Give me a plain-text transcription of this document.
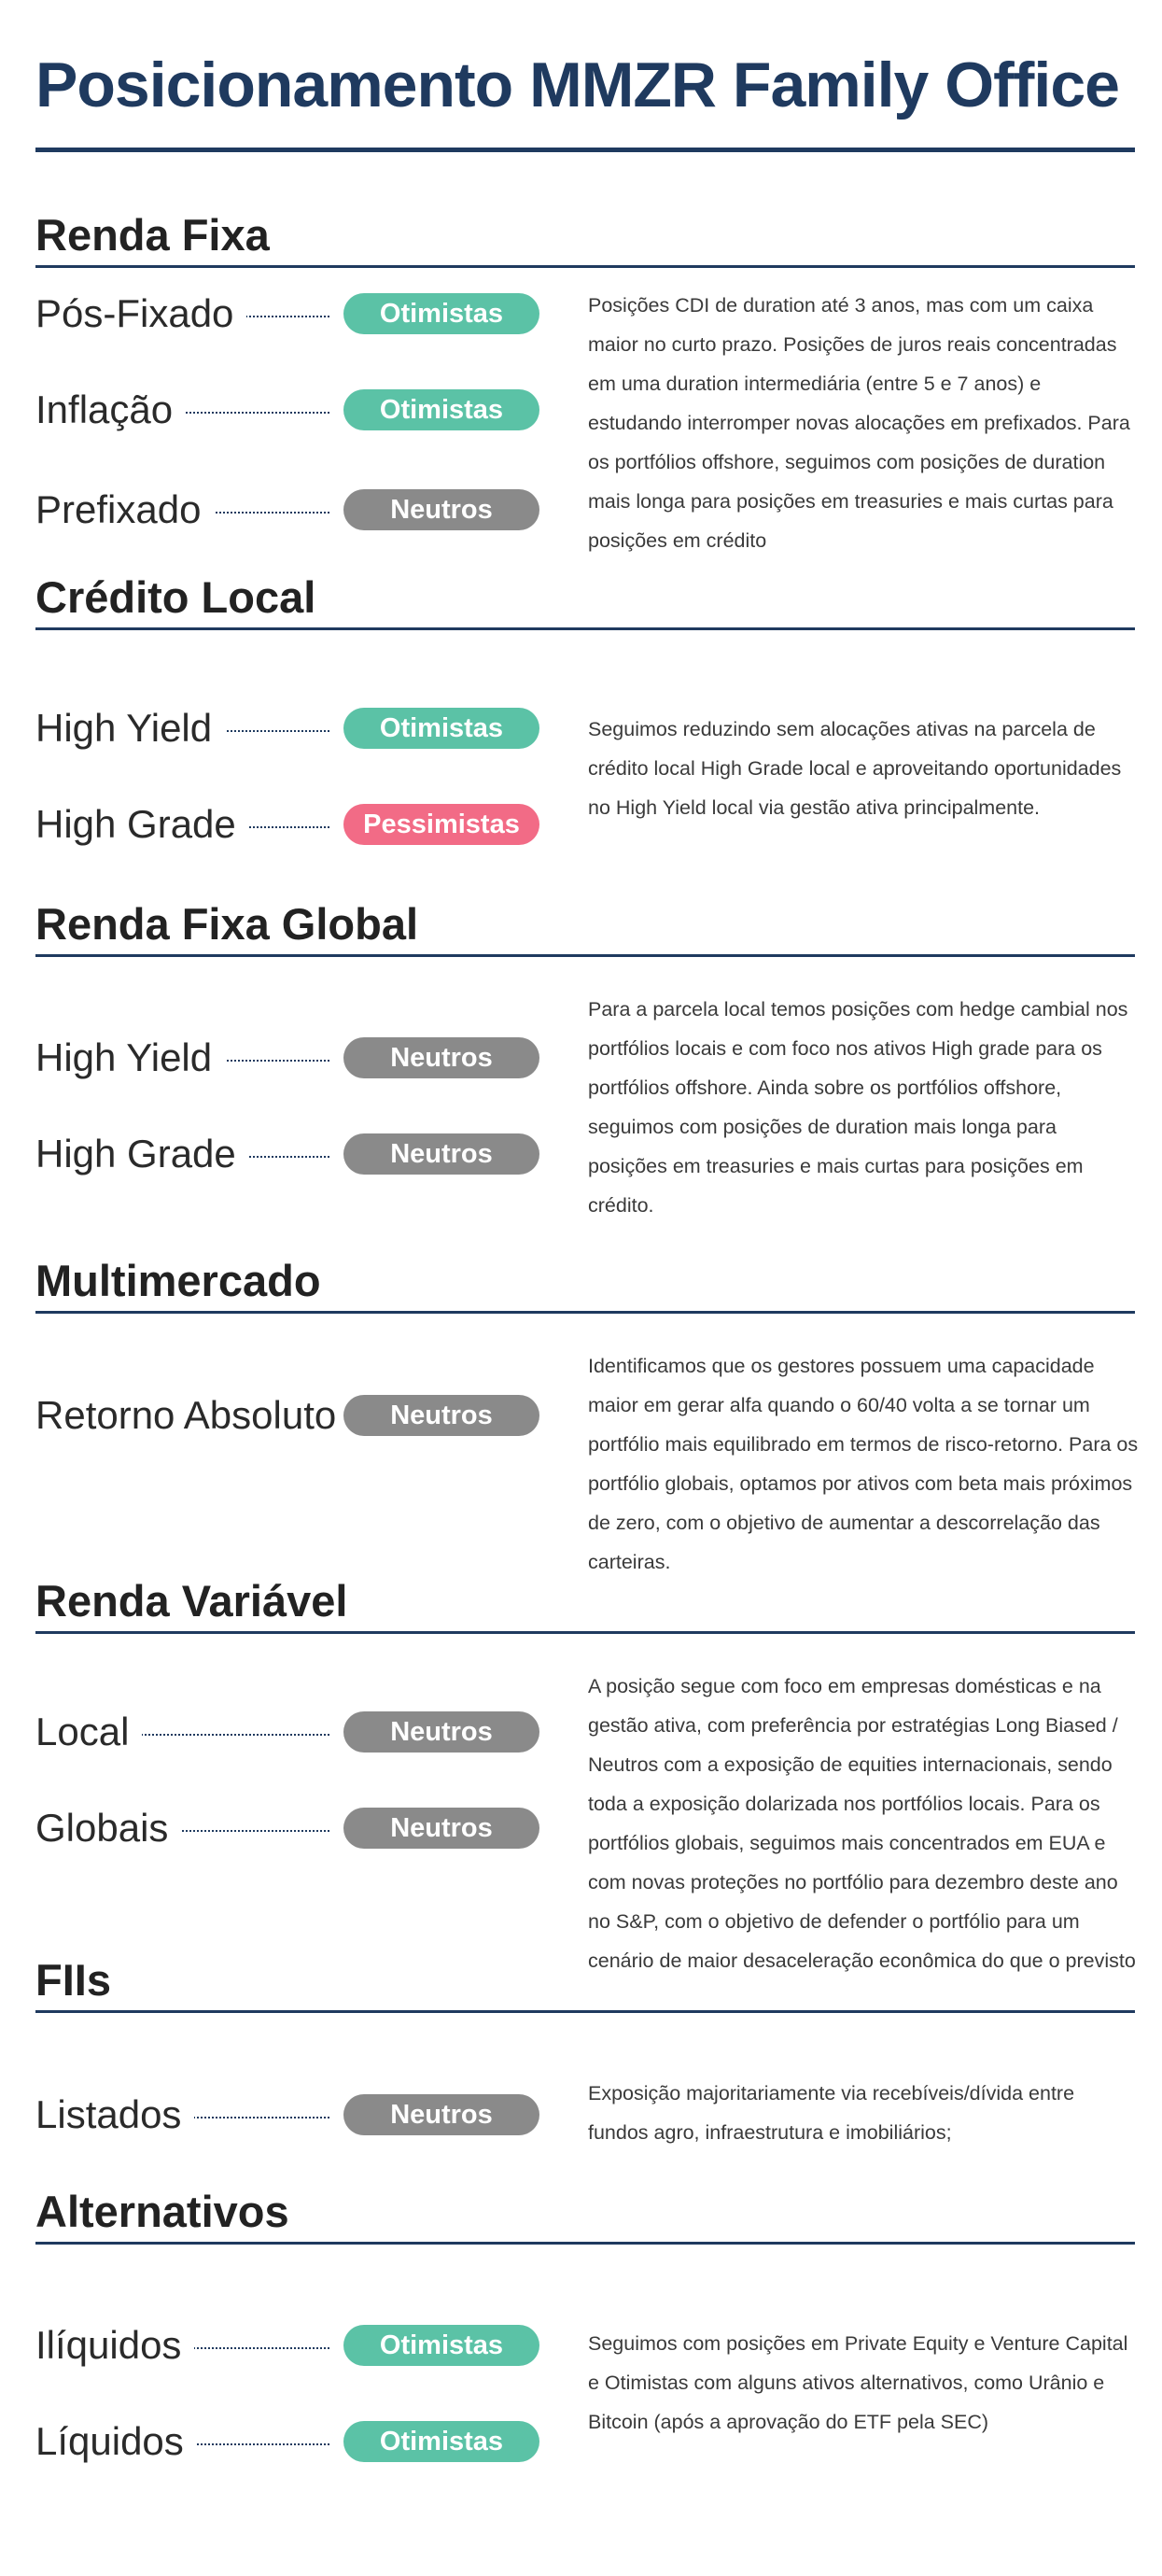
Posicionamento MMZR Family Office
Renda Fixa
Pós-Fixado	Otimistas
Inflação	Otimistas
Prefixado	Neutros
Posições CDI de duration até 3 anos, mas com um caixa maior no curto prazo. Posições de juros reais concentradas em uma duration intermediária (entre 5 e 7 anos) e estudando interromper novas alocações em prefixados. Para os portfólios offshore, seguimos com posições de duration mais longa para posições em treasuries e mais curtas para posições em crédito
Crédito Local
High Yield	Otimistas
High Grade	Pessimistas
Seguimos reduzindo sem alocações ativas na parcela de crédito local High Grade local e aproveitando oportunidades no High Yield local via gestão ativa principalmente.
Renda Fixa Global
High Yield	Neutros
High Grade	Neutros
Para a parcela local temos posições com hedge cambial nos portfólios locais e com foco nos ativos High grade para os portfólios offshore. Ainda sobre os portfólios offshore, seguimos com posições de duration mais longa para posições em treasuries e mais curtas para posições em crédito.
Multimercado
Retorno Absoluto	Neutros
Identificamos que os gestores possuem uma capacidade maior em gerar alfa quando o 60/40 volta a se tornar um portfólio mais equilibrado em termos de risco-retorno. Para os portfólio globais, optamos por ativos com beta mais próximos de zero, com o objetivo de aumentar a descorrelação das carteiras.
Renda Variável
Local	Neutros
Globais	Neutros
A posição segue com foco em empresas domésticas e na gestão ativa, com preferência por estratégias Long Biased / Neutros com a exposição de equities internacionais, sendo toda a exposição dolarizada nos portfólios locais. Para os portfólios globais, seguimos mais concentrados em EUA e com novas proteções no portfólio para dezembro deste ano no S&P, com o objetivo de defender o portfólio para um cenário de maior desaceleração econômica do que o previsto
FIIs
Listados	Neutros
Exposição majoritariamente via recebíveis/dívida entre fundos agro, infraestrutura e imobiliários;
Alternativos
Ilíquidos	Otimistas
Líquidos	Otimistas
Seguimos com posições em Private Equity e Venture Capital e Otimistas com alguns ativos alternativos, como Urânio e Bitcoin (após a aprovação do ETF pela SEC)
